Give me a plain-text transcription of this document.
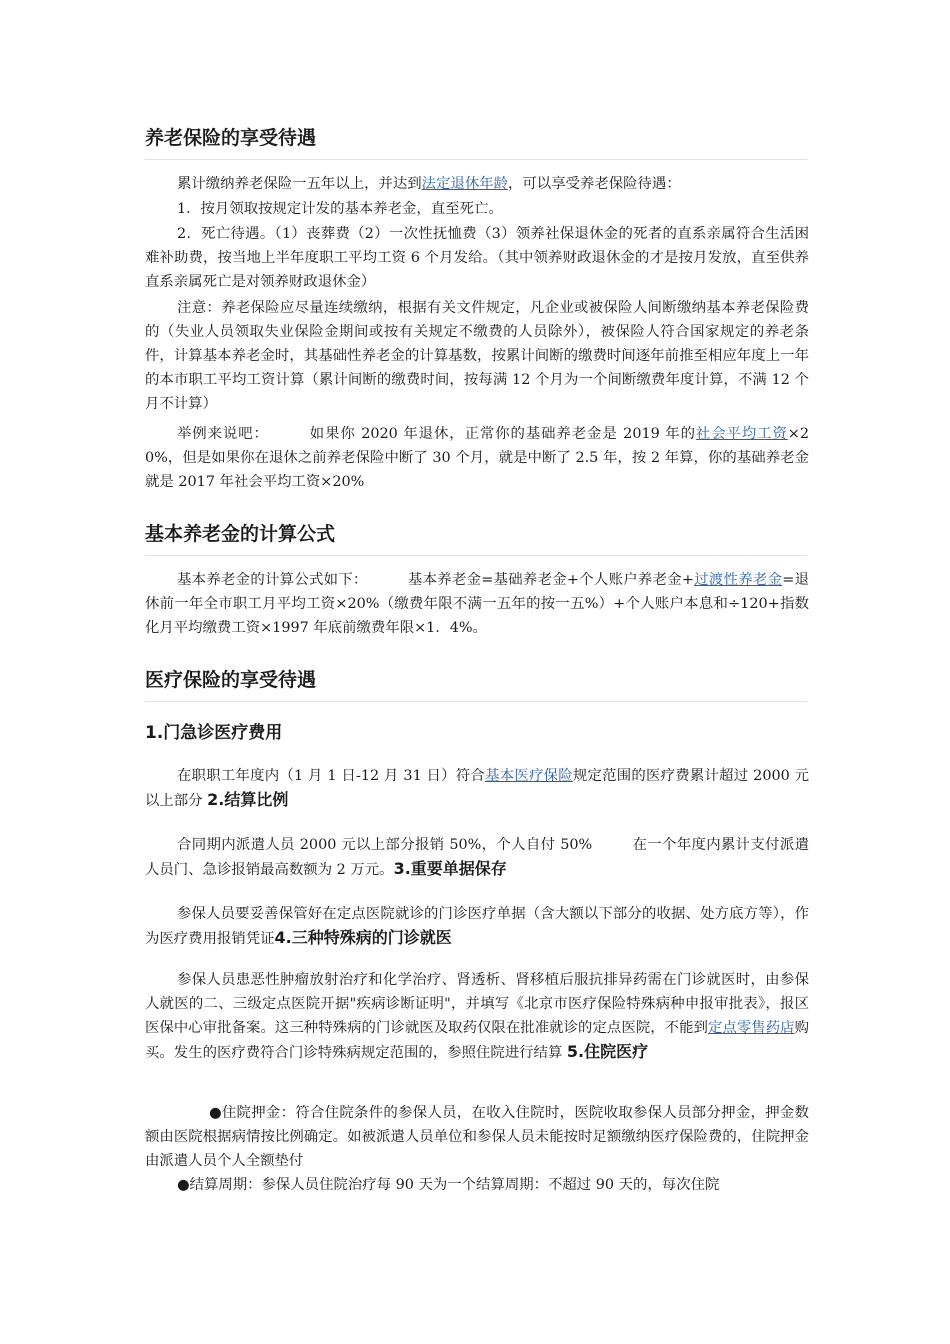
养老保险的享受待遇

累计缴纳养老保险一五年以上，并达到法定退休年龄，可以享受养老保险待遇：

1．按月领取按规定计发的基本养老金，直至死亡。

2．死亡待遇。（1）丧葬费（2）一次性抚恤费（3）领养社保退休金的死者的直系亲属符合生活困难补助费，按当地上半年度职工平均工资 6 个月发给。（其中领养财政退休金的才是按月发放，直至供养直系亲属死亡是对领养财政退休金）

注意：养老保险应尽量连续缴纳，根据有关文件规定，凡企业或被保险人间断缴纳基本养老保险费的（失业人员领取失业保险金期间或按有关规定不缴费的人员除外），被保险人符合国家规定的养老条件，计算基本养老金时，其基础性养老金的计算基数，按累计间断的缴费时间逐年前推至相应年度上一年的本市职工平均工资计算（累计间断的缴费时间，按每满 12 个月为一个间断缴费年度计算，不满 12 个月不计算）

举例来说吧：	如果你 2020 年退休，正常你的基础养老金是 2019 年的社会平均工资×20%，但是如果你在退休之前养老保险中断了 30 个月，就是中断了 2.5 年，按 2 年算，你的基础养老金就是 2017 年社会平均工资×20%

基本养老金的计算公式

基本养老金的计算公式如下：	基本养老金=基础养老金+个人账户养老金+过渡性养老金=退休前一年全市职工月平均工资×20%（缴费年限不满一五年的按一五%）+个人账户本息和÷120+指数化月平均缴费工资×1997 年底前缴费年限×1．4%。

医疗保险的享受待遇
1.门急诊医疗费用

在职职工年度内（1 月 1 日-12 月 31 日）符合基本医疗保险规定范围的医疗费累计超过 2000 元以上部分 2.结算比例

合同期内派遣人员 2000 元以上部分报销 50%，个人自付 50%	在一个年度内累计支付派遣人员门、急诊报销最高数额为 2 万元。3.重要单据保存

参保人员要妥善保管好在定点医院就诊的门诊医疗单据（含大额以下部分的收据、处方底方等），作为医疗费用报销凭证4.三种特殊病的门诊就医

参保人员患恶性肿瘤放射治疗和化学治疗、肾透析、肾移植后服抗排异药需在门诊就医时，由参保人就医的二、三级定点医院开据"疾病诊断证明"，并填写《北京市医疗保险特殊病种申报审批表》，报区医保中心审批备案。这三种特殊病的门诊就医及取药仅限在批准就诊的定点医院，不能到定点零售药店购买。发生的医疗费符合门诊特殊病规定范围的，参照住院进行结算 5.住院医疗

●住院押金：符合住院条件的参保人员，在收入住院时，医院收取参保人员部分押金，押金数额由医院根据病情按比例确定。如被派遣人员单位和参保人员未能按时足额缴纳医疗保险费的，住院押金由派遣人员个人全额垫付

●结算周期：参保人员住院治疗每 90 天为一个结算周期：不超过 90 天的，每次住院
